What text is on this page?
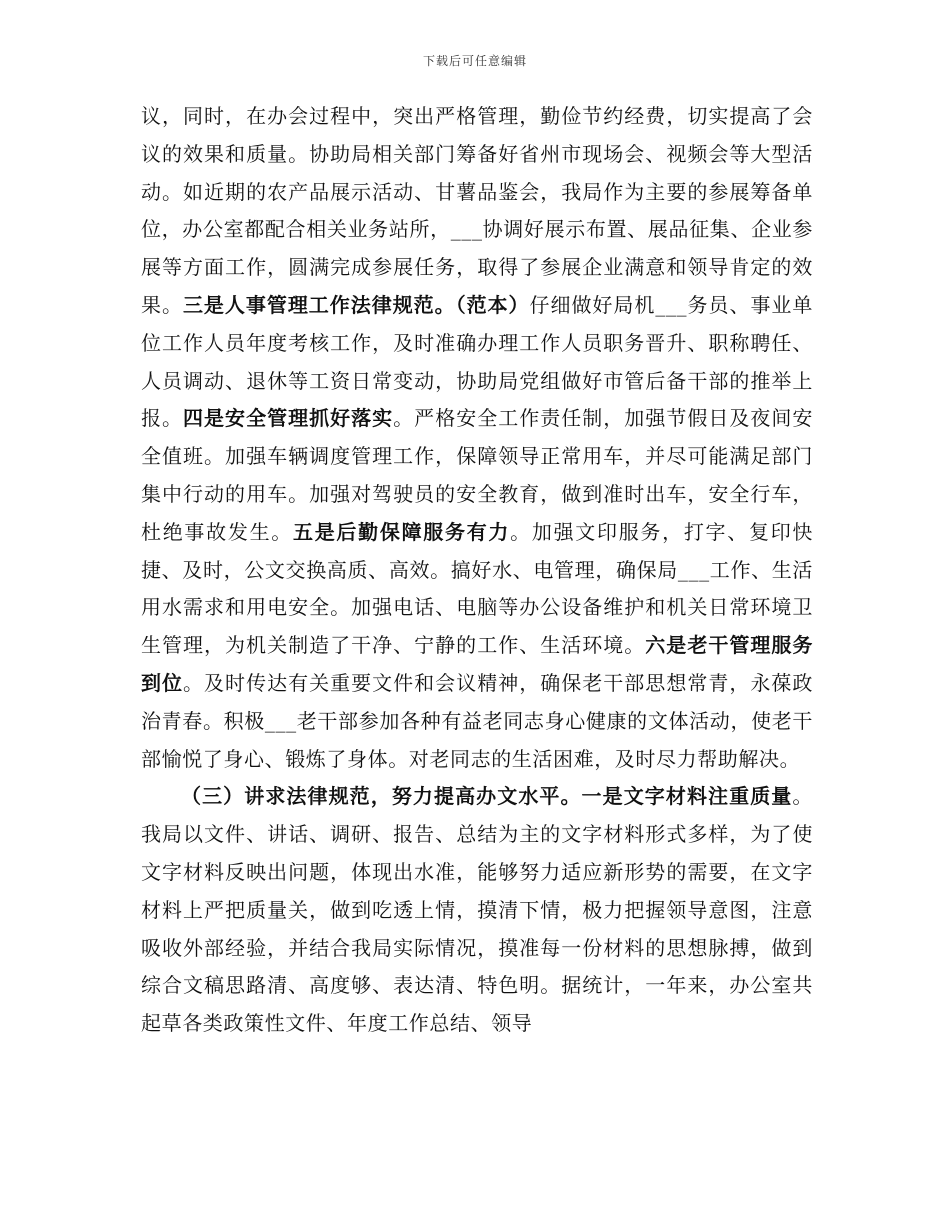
下载后可任意编辑

议，同时，在办会过程中，突出严格管理，勤俭节约经费，切实提高了会议的效果和质量。协助局相关部门筹备好省州市现场会、视频会等大型活动。如近期的农产品展示活动、甘薯品鉴会，我局作为主要的参展筹备单位，办公室都配合相关业务站所，___协调好展示布置、展品征集、企业参展等方面工作，圆满完成参展任务，取得了参展企业满意和领导肯定的效果。三是人事管理工作法律规范。（范本）仔细做好局机___务员、事业单位工作人员年度考核工作，及时准确办理工作人员职务晋升、职称聘任、人员调动、退休等工资日常变动，协助局党组做好市管后备干部的推举上报。四是安全管理抓好落实。严格安全工作责任制，加强节假日及夜间安全值班。加强车辆调度管理工作，保障领导正常用车，并尽可能满足部门集中行动的用车。加强对驾驶员的安全教育，做到准时出车，安全行车，杜绝事故发生。五是后勤保障服务有力。加强文印服务，打字、复印快捷、及时，公文交换高质、高效。搞好水、电管理，确保局___工作、生活用水需求和用电安全。加强电话、电脑等办公设备维护和机关日常环境卫生管理，为机关制造了干净、宁静的工作、生活环境。六是老干管理服务到位。及时传达有关重要文件和会议精神，确保老干部思想常青，永葆政治青春。积极___老干部参加各种有益老同志身心健康的文体活动，使老干部愉悦了身心、锻炼了身体。对老同志的生活困难，及时尽力帮助解决。

（三）讲求法律规范，努力提高办文水平。一是文字材料注重质量。我局以文件、讲话、调研、报告、总结为主的文字材料形式多样，为了使文字材料反映出问题，体现出水准，能够努力适应新形势的需要，在文字材料上严把质量关，做到吃透上情，摸清下情，极力把握领导意图，注意吸收外部经验，并结合我局实际情况，摸准每一份材料的思想脉搏，做到综合文稿思路清、高度够、表达清、特色明。据统计，一年来，办公室共起草各类政策性文件、年度工作总结、领导
